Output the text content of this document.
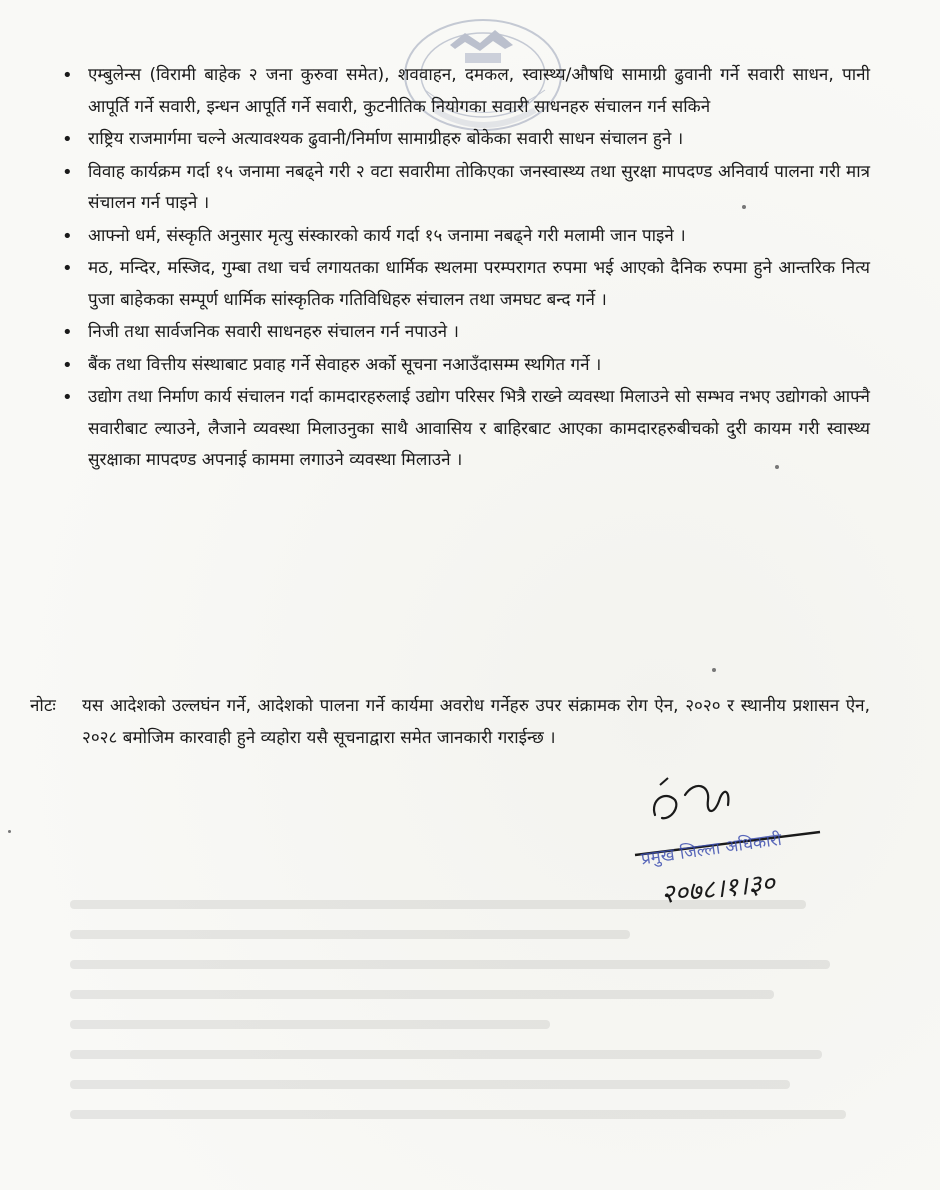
• एम्बुलेन्स (विरामी बाहेक २ जना कुरुवा समेत), शववाहन, दमकल, स्वास्थ्य/औषधि सामाग्री ढुवानी गर्ने सवारी साधन, पानी आपूर्ति गर्ने सवारी, इन्धन आपूर्ति गर्ने सवारी, कुटनीतिक नियोगका सवारी साधनहरु संचालन गर्न सकिने
• राष्ट्रिय राजमार्गमा चल्ने अत्यावश्यक ढुवानी/निर्माण सामाग्रीहरु बोकेका सवारी साधन संचालन हुने ।
• विवाह कार्यक्रम गर्दा १५ जनामा नबढ्ने गरी २ वटा सवारीमा तोकिएका जनस्वास्थ्य तथा सुरक्षा मापदण्ड अनिवार्य पालना गरी मात्र संचालन गर्न पाइने ।
• आफ्नो धर्म, संस्कृति अनुसार मृत्यु संस्कारको कार्य गर्दा १५ जनामा नबढ्ने गरी मलामी जान पाइने ।
• मठ, मन्दिर, मस्जिद, गुम्बा तथा चर्च लगायतका धार्मिक स्थलमा परम्परागत रुपमा भई आएको दैनिक रुपमा हुने आन्तरिक नित्य पुजा बाहेकका सम्पूर्ण धार्मिक सांस्कृतिक गतिविधिहरु संचालन तथा जमघट बन्द गर्ने ।
• निजी तथा सार्वजनिक सवारी साधनहरु संचालन गर्न नपाउने ।
• बैंक तथा वित्तीय संस्थाबाट प्रवाह गर्ने सेवाहरु अर्को सूचना नआउँदासम्म स्थगित गर्ने ।
• उद्योग तथा निर्माण कार्य संचालन गर्दा कामदारहरुलाई उद्योग परिसर भित्रै राख्ने व्यवस्था मिलाउने सो सम्भव नभए उद्योगको आफ्नै सवारीबाट ल्याउने, लैजाने व्यवस्था मिलाउनुका साथै आवासिय र बाहिरबाट आएका कामदारहरुबीचको दुरी कायम गरी स्वास्थ्य सुरक्षाका मापदण्ड अपनाई काममा लगाउने व्यवस्था मिलाउने ।
नोटः	यस आदेशको उल्लघंन गर्ने, आदेशको पालना गर्ने कार्यमा अवरोध गर्नेहरु उपर संक्रामक रोग ऐन, २०२० र स्थानीय प्रशासन ऐन, २०२८ बमोजिम कारवाही हुने व्यहोरा यसै सूचनाद्वारा समेत जानकारी गराईन्छ ।
प्रमुख जिल्ला अधिकारी
२०७८।१।३०
